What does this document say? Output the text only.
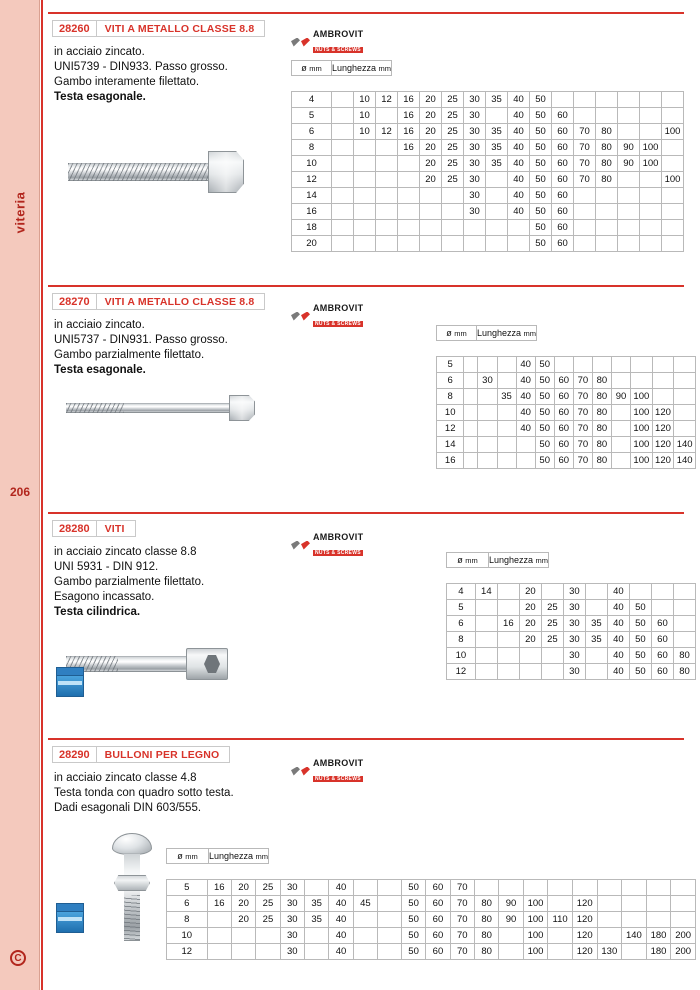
viteria
206
C
28260	VITI A METALLO CLASSE 8.8
in acciaio zincato.
UNI5739 - DIN933. Passo grosso.
Gambo interamente filettato.
Testa esagonale.
AMBROVIT
NUTS & SCREWS
ø mm	Lunghezza mm
4		10	12	16	20	25	30	35	40	50						
5		10		16	20	25	30		40	50	60					
6		10	12	16	20	25	30	35	40	50	60	70	80			100
8				16	20	25	30	35	40	50	60	70	80	90	100	
10					20	25	30	35	40	50	60	70	80	90	100	
12					20	25	30		40	50	60	70	80			100
14							30		40	50	60					
16							30		40	50	60					
18										50	60					
20										50	60					
28270	VITI A METALLO CLASSE 8.8
in acciaio zincato.
UNI5737 - DIN931. Passo grosso.
Gambo parzialmente filettato.
Testa esagonale.
AMBROVIT
NUTS & SCREWS
ø mm	Lunghezza mm
5				40	50							
6		30		40	50	60	70	80				
8			35	40	50	60	70	80	90	100		
10				40	50	60	70	80		100	120	
12				40	50	60	70	80		100	120	
14					50	60	70	80		100	120	140
16					50	60	70	80		100	120	140
28280	VITI
in acciaio zincato classe 8.8
UNI 5931 - DIN 912.
Gambo parzialmente filettato.
Esagono incassato.
Testa cilindrica.
AMBROVIT
NUTS & SCREWS
ø mm	Lunghezza mm
4	14		20		30		40			
5			20	25	30		40	50		
6		16	20	25	30	35	40	50	60	
8			20	25	30	35	40	50	60	
10					30		40	50	60	80
12					30		40	50	60	80
28290	BULLONI PER LEGNO
in acciaio zincato classe 4.8
Testa tonda con quadro sotto testa.
Dadi esagonali DIN 603/555.
AMBROVIT
NUTS & SCREWS
ø mm	Lunghezza mm
5	16	20	25	30		40			50	60	70									
6	16	20	25	30	35	40	45		50	60	70	80	90	100		120				
8		20	25	30	35	40			50	60	70	80	90	100	110	120				
10				30		40			50	60	70	80		100		120		140	180	200
12				30		40			50	60	70	80		100		120	130		180	200
